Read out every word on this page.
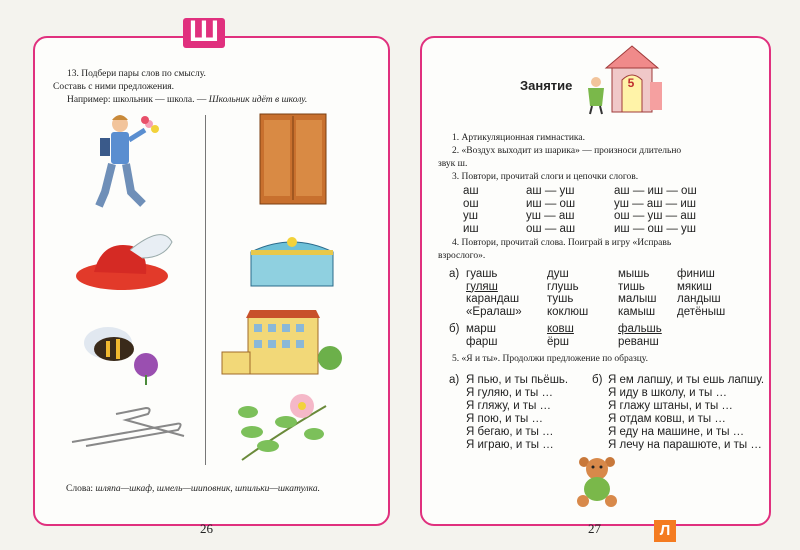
Ш
13. Подбери пары слов по смыслу.
Составь с ними предложения.
Например: школьник — школа. — Школьник идёт в школу.
Слова: шляпа—шкаф, шмель—шиповник, шпильки—шкатулка.
26
Занятие	5
1. Артикуляционная гимнастика.
2. «Воздух выходит из шарика» — произноси длительно
звук ш.
3. Повтори, прочитай слоги и цепочки слогов.
аш
ош
уш
иш
аш — уш
иш — ош
уш — аш
ош — аш
аш — иш — ош
уш — аш — иш
ош — уш — аш
иш — ош — уш
4. Повтори, прочитай слова. Поиграй в игру «Исправь
взрослого».
а) гуашь
гуляш
карандаш
«Ералаш»
душ
глушь
тушь
коклюш
мышь
тишь
малыш
камыш
финиш
мякиш
ландыш
детёныш
б) марш
фарш
ковш
ёрш
фальшь
реванш
5. «Я и ты». Продолжи предложение по образцу.
а) Я пью, и ты пьёшь.
Я гуляю, и ты …
Я гляжу, и ты …
Я пою, и ты …
Я бегаю, и ты …
Я играю, и ты …
б) Я ем лапшу, и ты ешь лапшу.
Я иду в школу, и ты …
Я глажу штаны, и ты …
Я отдам ковш, и ты …
Я еду на машине, и ты …
Я лечу на парашюте, и ты …
27	Л
